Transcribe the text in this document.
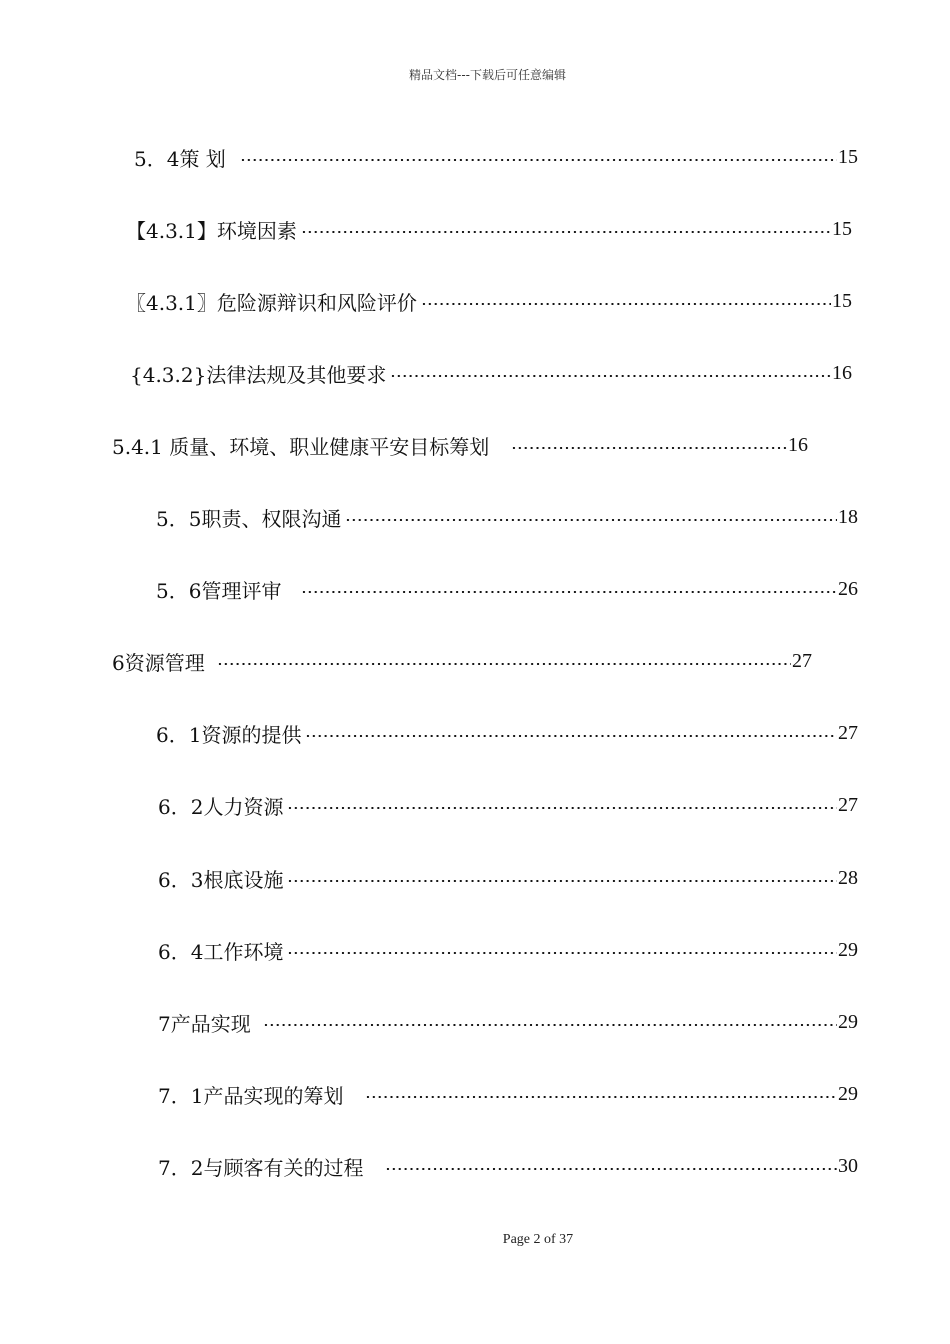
精品文档---下载后可任意编辑
5．4策 划	15
【4.3.1】环境因素	15
〖4.3.1〗危险源辩识和风险评价	15
{4.3.2}法律法规及其他要求	16
5.4.1 质量、环境、职业健康平安目标筹划	16
5．5职责、权限沟通	18
5．6管理评审	26
6资源管理	27
6．1资源的提供	27
6．2人力资源	27
6．3根底设施	28
6．4工作环境	29
7产品实现	29
7．1产品实现的筹划	29
7．2与顾客有关的过程	30
Page 2 of 37
